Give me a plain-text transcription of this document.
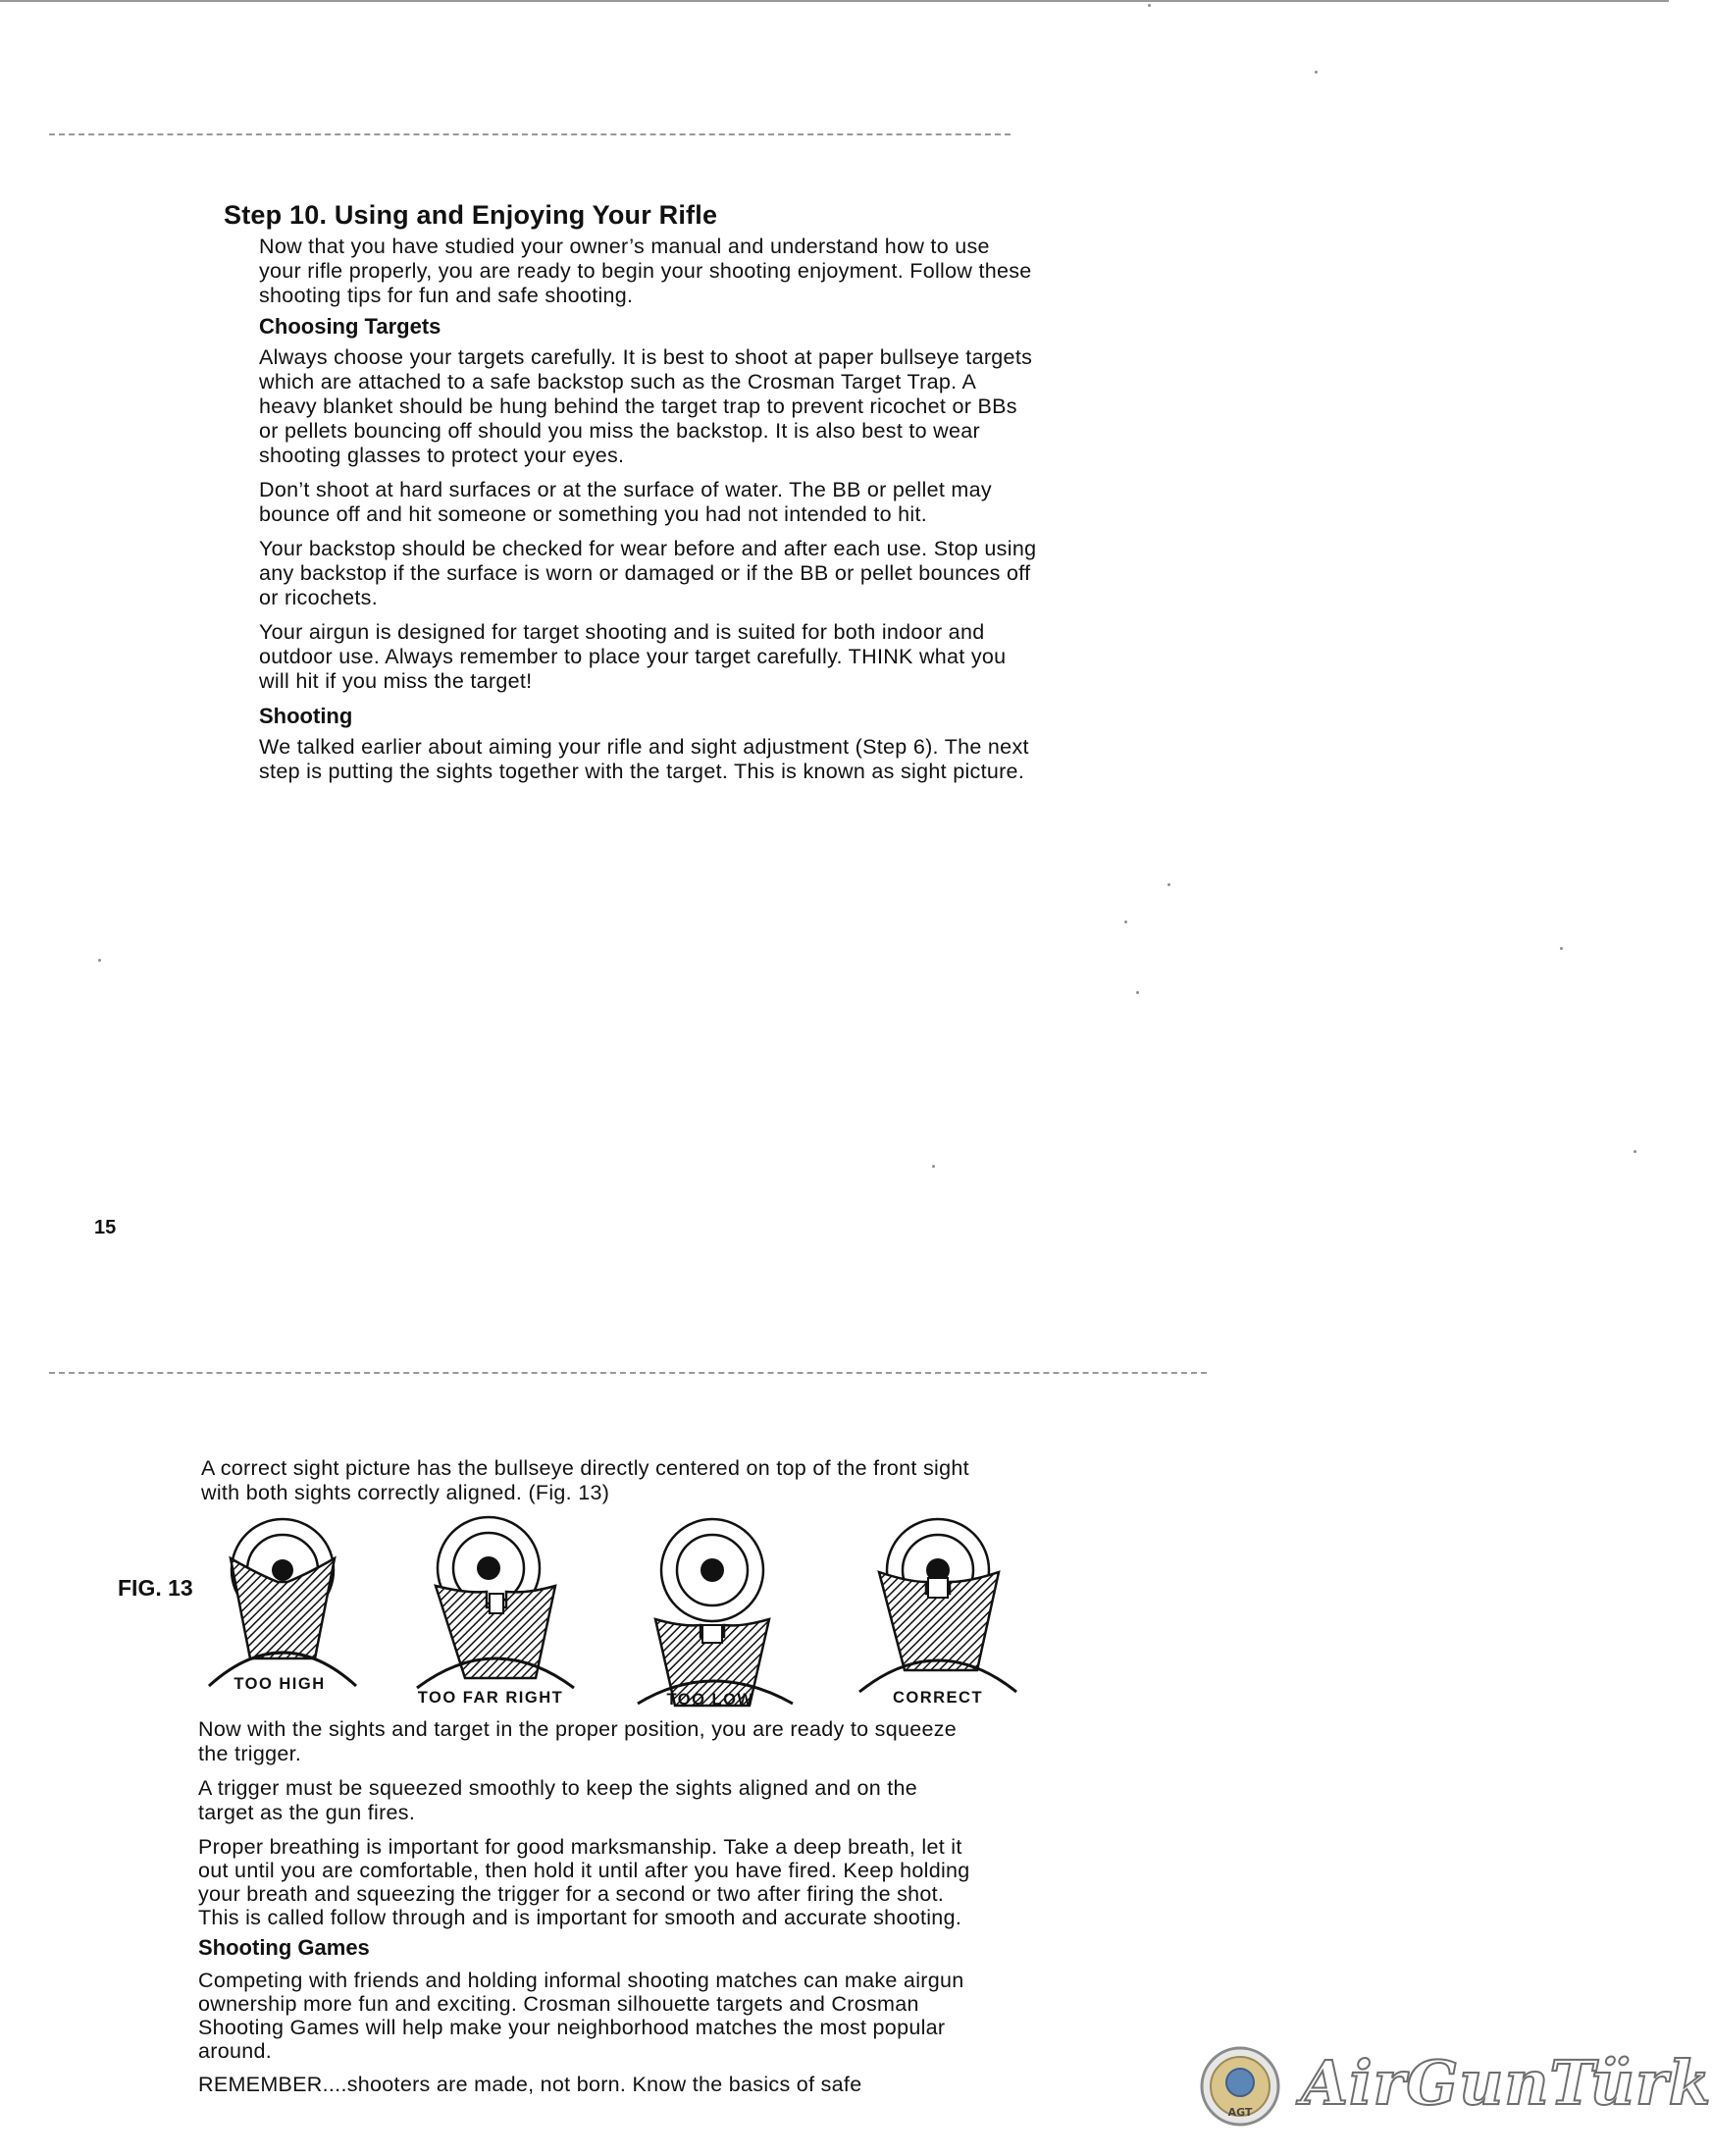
Step 10. Using and Enjoying Your Rifle

Now that you have studied your owner’s manual and understand how to use your rifle properly, you are ready to begin your shooting enjoyment. Follow these shooting tips for fun and safe shooting.

Choosing Targets

Always choose your targets carefully. It is best to shoot at paper bullseye targets which are attached to a safe backstop such as the Crosman Target Trap. A heavy blanket should be hung behind the target trap to prevent ricochet or BBs or pellets bouncing off should you miss the backstop. It is also best to wear shooting glasses to protect your eyes.

Don’t shoot at hard surfaces or at the surface of water. The BB or pellet may bounce off and hit someone or something you had not intended to hit.

Your backstop should be checked for wear before and after each use. Stop using any backstop if the surface is worn or damaged or if the BB or pellet bounces off or ricochets.

Your airgun is designed for target shooting and is suited for both indoor and outdoor use. Always remember to place your target carefully. THINK what you will hit if you miss the target!

Shooting

We talked earlier about aiming your rifle and sight adjustment (Step 6). The next step is putting the sights together with the target. This is known as sight picture.

15

A correct sight picture has the bullseye directly centered on top of the front sight with both sights correctly aligned. (Fig. 13)

FIG. 13
TOO HIGH
TOO FAR RIGHT	TOO LOW	CORRECT

Now with the sights and target in the proper position, you are ready to squeeze the trigger.

A trigger must be squeezed smoothly to keep the sights aligned and on the target as the gun fires.

Proper breathing is important for good marksmanship. Take a deep breath, let it out until you are comfortable, then hold it until after you have fired. Keep holding your breath and squeezing the trigger for a second or two after firing the shot. This is called follow through and is important for smooth and accurate shooting.

Shooting Games

Competing with friends and holding informal shooting matches can make airgun ownership more fun and exciting. Crosman silhouette targets and Crosman Shooting Games will help make your neighborhood matches the most popular around.

REMEMBER....shooters are made, not born. Know the basics of safe

AGT AirGunTürk
